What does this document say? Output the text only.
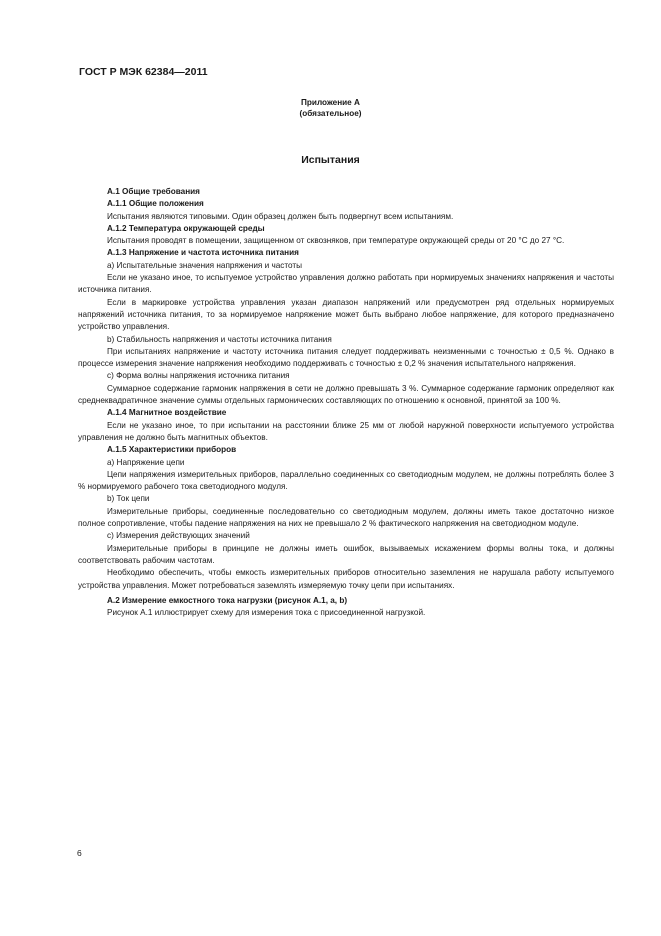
ГОСТ Р МЭК 62384—2011
Приложение А
(обязательное)
Испытания

А.1 Общие требования

А.1.1 Общие положения

Испытания являются типовыми. Один образец должен быть подвергнут всем испытаниям.

А.1.2 Температура окружающей среды

Испытания проводят в помещении, защищенном от сквозняков, при температуре окружающей среды от 20 °С до 27 °С.

А.1.3 Напряжение и частота источника питания

а) Испытательные значения напряжения и частоты

Если не указано иное, то испытуемое устройство управления должно работать при нормируемых значениях напряжения и частоты источника питания.

Если в маркировке устройства управления указан диапазон напряжений или предусмотрен ряд отдельных нормируемых напряжений источника питания, то за нормируемое напряжение может быть выбрано любое напряжение, для которого предназначено устройство управления.

b) Стабильность напряжения и частоты источника питания

При испытаниях напряжение и частоту источника питания следует поддерживать неизменными с точностью ± 0,5 %. Однако в процессе измерения значение напряжения необходимо поддерживать с точностью ± 0,2 % значения испытательного напряжения.

с) Форма волны напряжения источника питания

Суммарное содержание гармоник напряжения в сети не должно превышать 3 %. Суммарное содержание гармоник определяют как среднеквадратичное значение суммы отдельных гармонических составляющих по отношению к основной, принятой за 100 %.

А.1.4 Магнитное воздействие

Если не указано иное, то при испытании на расстоянии ближе 25 мм от любой наружной поверхности испытуемого устройства управления не должно быть магнитных объектов.

А.1.5 Характеристики приборов

а) Напряжение цепи

Цепи напряжения измерительных приборов, параллельно соединенных со светодиодным модулем, не должны потреблять более 3 % нормируемого рабочего тока светодиодного модуля.

b) Ток цепи

Измерительные приборы, соединенные последовательно со светодиодным модулем, должны иметь такое достаточно низкое полное сопротивление, чтобы падение напряжения на них не превышало 2 % фактического напряжения на светодиодном модуле.

с) Измерения действующих значений

Измерительные приборы в принципе не должны иметь ошибок, вызываемых искажением формы волны тока, и должны соответствовать рабочим частотам.

Необходимо обеспечить, чтобы емкость измерительных приборов относительно заземления не нарушала работу испытуемого устройства управления. Может потребоваться заземлять измеряемую точку цепи при испытаниях.

А.2 Измерение емкостного тока нагрузки (рисунок А.1, а, b)

Рисунок А.1 иллюстрирует схему для измерения тока с присоединенной нагрузкой.

6
